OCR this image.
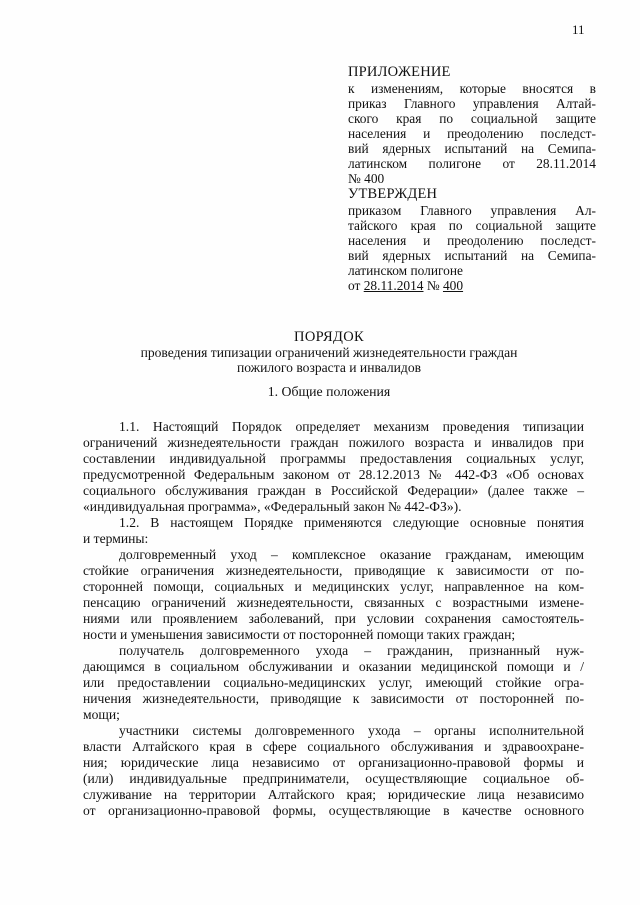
11
ПРИЛОЖЕНИЕ
к изменениям, которые вносятся в
приказ Главного управления Алтай-
ского края по социальной защите
населения и преодолению последст-
вий ядерных испытаний на Семипа-
латинском полигоне от 28.11.2014
№ 400
УТВЕРЖДЕН
приказом Главного управления Ал-
тайского края по социальной защите
населения и преодолению последст-
вий ядерных испытаний на Семипа-
латинском полигоне
от 28.11.2014 № 400
ПОРЯДОК
проведения типизации ограничений жизнедеятельности граждан
пожилого возраста и инвалидов
1. Общие положения
1.1. Настоящий Порядок определяет механизм проведения типизации
ограничений жизнедеятельности граждан пожилого возраста и инвалидов при
составлении индивидуальной программы предоставления социальных услуг,
предусмотренной Федеральным законом от 28.12.2013 № 442-ФЗ «Об основах
социального обслуживания граждан в Российской Федерации» (далее также –
«индивидуальная программа», «Федеральный закон № 442-ФЗ»).
1.2. В настоящем Порядке применяются следующие основные понятия
и термины:
долговременный уход – комплексное оказание гражданам, имеющим
стойкие ограничения жизнедеятельности, приводящие к зависимости от по-
сторонней помощи, социальных и медицинских услуг, направленное на ком-
пенсацию ограничений жизнедеятельности, связанных с возрастными измене-
ниями или проявлением заболеваний, при условии сохранения самостоятель-
ности и уменьшения зависимости от посторонней помощи таких граждан;
получатель долговременного ухода – гражданин, признанный нуж-
дающимся в социальном обслуживании и оказании медицинской помощи и /
или предоставлении социально-медицинских услуг, имеющий стойкие огра-
ничения жизнедеятельности, приводящие к зависимости от посторонней по-
мощи;
участники системы долговременного ухода – органы исполнительной
власти Алтайского края в сфере социального обслуживания и здравоохране-
ния; юридические лица независимо от организационно-правовой формы и
(или) индивидуальные предприниматели, осуществляющие социальное об-
служивание на территории Алтайского края; юридические лица независимо
от организационно-правовой формы, осуществляющие в качестве основного
